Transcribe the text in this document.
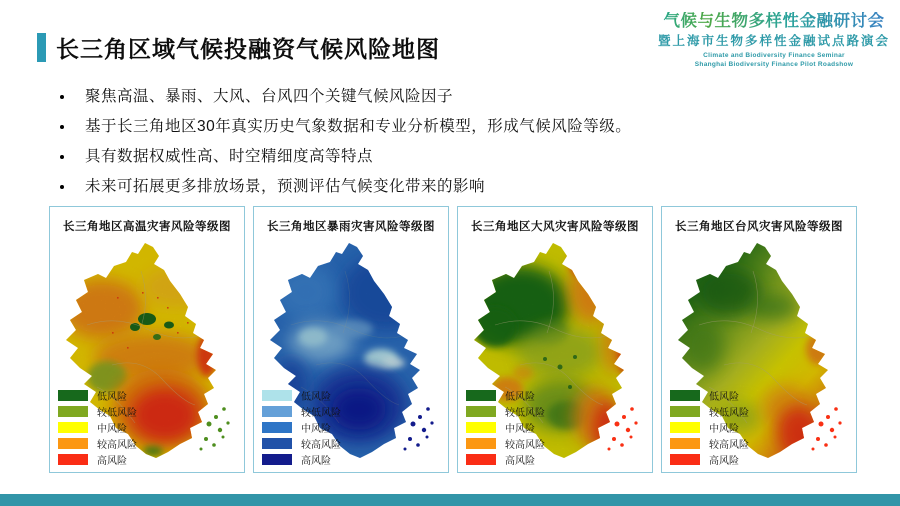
长三角区域气候投融资气候风险地图
气候与生物多样性金融研讨会
暨上海市生物多样性金融试点路演会
Climate and Biodiversity Finance Seminar
Shanghai Biodiversity Finance Pilot Roadshow
聚焦高温、暴雨、大风、台风四个关键气候风险因子
基于长三角地区30年真实历史气象数据和专业分析模型，形成气候风险等级。
具有数据权威性高、时空精细度高等特点
未来可拓展更多排放场景，预测评估气候变化带来的影响
长三角地区高温灾害风险等级图
低风险
较低风险
中风险
较高风险
高风险
长三角地区暴雨灾害风险等级图
低风险
较低风险
中风险
较高风险
高风险
长三角地区大风灾害风险等级图
低风险
较低风险
中风险
较高风险
高风险
长三角地区台风灾害风险等级图
低风险
较低风险
中风险
较高风险
高风险
